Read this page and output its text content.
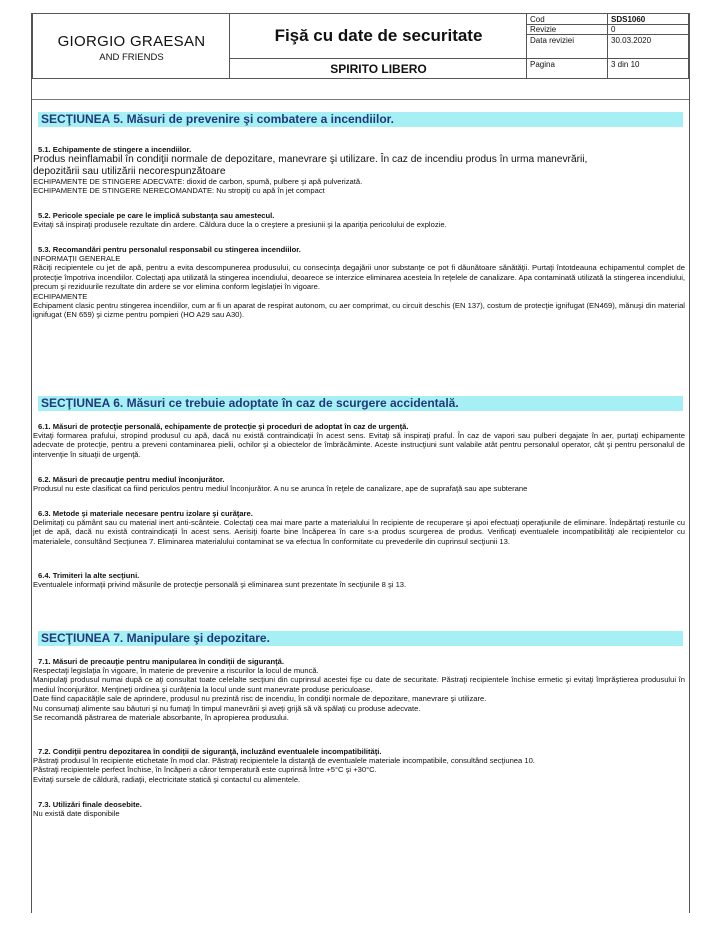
GIORGIO GRAESAN
AND FRIENDS
Fişă cu date de securitate
SPIRITO LIBERO
Cod	SDS1060
Revizie	0
Data reviziei	30.03.2020
Pagina	3 din 10
SECŢIUNEA 5. Măsuri de prevenire şi combatere a incendiilor.
5.1. Echipamente de stingere a incendiilor.

Produs neinflamabil în condiţii normale de depozitare, manevrare şi utilizare. În caz de incendiu produs în urma manevrării,

depozitării sau utilizării necorespunzătoare

ECHIPAMENTE DE STINGERE ADECVATE: dioxid de carbon, spumă, pulbere şi apă pulverizată.

ECHIPAMENTE DE STINGERE NERECOMANDATE: Nu stropiţi cu apă în jet compact

5.2. Pericole speciale pe care le implică substanţa sau amestecul.

Evitaţi să inspiraţi produsele rezultate din ardere. Căldura duce la o creştere a presiunii şi la apariţia pericolului de explozie.

5.3. Recomandări pentru personalul responsabil cu stingerea incendiilor.

INFORMAŢII GENERALE

Răciţi recipientele cu jet de apă, pentru a evita descompunerea produsului, cu consecinţa degajării unor substanţe ce pot fi dăunătoare sănătăţii. Purtaţi întotdeauna echipamentul complet de protecţie împotriva incendiilor. Colectaţi apa utilizată la stingerea incendiului, deoarece se interzice eliminarea acesteia în reţelele de canalizare. Apa contaminată utilizată la stingerea incendiului, precum şi reziduurile rezultate din ardere se vor elimina conform legislaţiei în vigoare.

ECHIPAMENTE

Echipament clasic pentru stingerea incendiilor, cum ar fi un aparat de respirat autonom, cu aer comprimat, cu circuit deschis (EN 137), costum de protecţie ignifugat (EN469), mănuşi din material ignifugat (EN 659) şi cizme pentru pompieri (HO A29 sau A30).

SECŢIUNEA 6. Măsuri ce trebuie adoptate în caz de scurgere accidentală.
6.1. Măsuri de protecţie personală, echipamente de protecţie şi proceduri de adoptat în caz de urgenţă.

Evitaţi formarea prafului, stropind produsul cu apă, dacă nu există contraindicaţii în acest sens. Evitaţi să inspiraţi praful. În caz de vapori sau pulberi degajate în aer, purtaţi echipamente adecvate de protecţie, pentru a preveni contaminarea pielii, ochilor şi a obiectelor de îmbrăcăminte. Aceste instrucţiuni sunt valabile atât pentru personalul operator, cât şi pentru personalul de intervenţie în situaţii de urgenţă.

6.2. Măsuri de precauţie pentru mediul înconjurător.

Produsul nu este clasificat ca fiind periculos pentru mediul înconjurător. A nu se arunca în reţele de canalizare, ape de suprafaţă sau ape subterane

6.3. Metode şi materiale necesare pentru izolare şi curăţare.

Delimitaţi cu pământ sau cu material inert anti-scânteie. Colectaţi cea mai mare parte a materialului în recipiente de recuperare şi apoi efectuaţi operaţiunile de eliminare. Îndepărtaţi resturile cu jet de apă, dacă nu există contraindicaţii în acest sens. Aerisiţi foarte bine încăperea în care s-a produs scurgerea de produs. Verificaţi eventualele incompatibilităţi ale recipientelor cu materialele, consultând Secţiunea 7. Eliminarea materialului contaminat se va efectua în conformitate cu prevederile din cuprinsul secţiunii 13.

6.4. Trimiteri la alte secţiuni.

Eventualele informaţii privind măsurile de protecţie personală şi eliminarea sunt prezentate în secţiunile 8 şi 13.

SECŢIUNEA 7. Manipulare şi depozitare.
7.1. Măsuri de precauţie pentru manipularea în condiţii de siguranţă.

Respectaţi legislaţia în vigoare, în materie de prevenire a riscurilor la locul de muncă.

Manipulaţi produsul numai după ce aţi consultat toate celelalte secţiuni din cuprinsul acestei fişe cu date de securitate. Păstraţi recipientele închise ermetic şi evitaţi împrăştierea produsului în mediul înconjurător. Menţineţi ordinea şi curăţenia la locul unde sunt manevrate produse periculoase.

Date fiind capacităţile sale de aprindere, produsul nu prezintă risc de incendiu, în condiţii normale de depozitare, manevrare şi utilizare.

Nu consumaţi alimente sau băuturi şi nu fumaţi în timpul manevrării şi aveţi grijă să vă spălaţi cu produse adecvate.

Se recomandă păstrarea de materiale absorbante, în apropierea produsului.

7.2. Condiţii pentru depozitarea în condiţii de siguranţă, incluzând eventualele incompatibilităţi.

Păstraţi produsul în recipiente etichetate în mod clar. Păstraţi recipientele la distanţă de eventualele materiale incompatibile, consultând secţiunea 10.

Păstraţi recipientele perfect închise, în încăperi a căror temperatură este cuprinsă între +5°C şi +30°C.

Evitaţi sursele de căldură, radiaţii, electricitate statică şi contactul cu alimentele.

7.3. Utilizări finale deosebite.

Nu există date disponibile
